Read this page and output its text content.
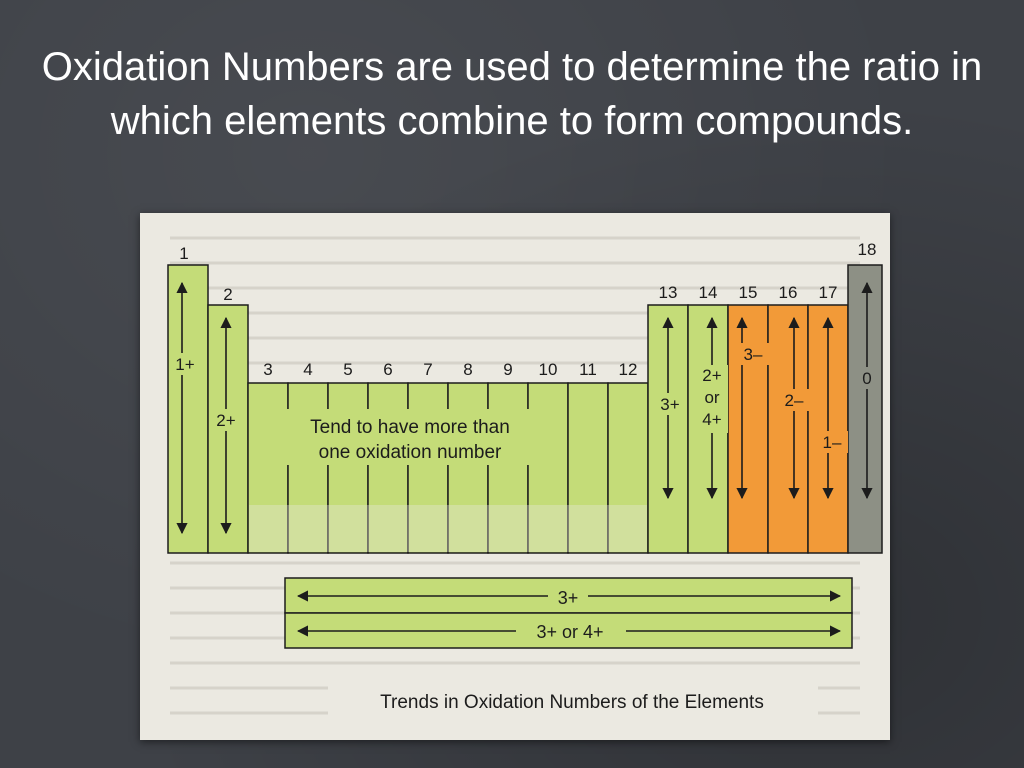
Oxidation Numbers are used to determine the ratio in which elements combine to form compounds.
1
2
3 4 5 6 7 8 9 10 11 12
13 14 15 16 17
18
1+
2+
3+
2+
or
4+
3–
2–
1–
0
Tend to have more than
one oxidation number
3+
3+ or 4+
Trends in Oxidation Numbers of the Elements
